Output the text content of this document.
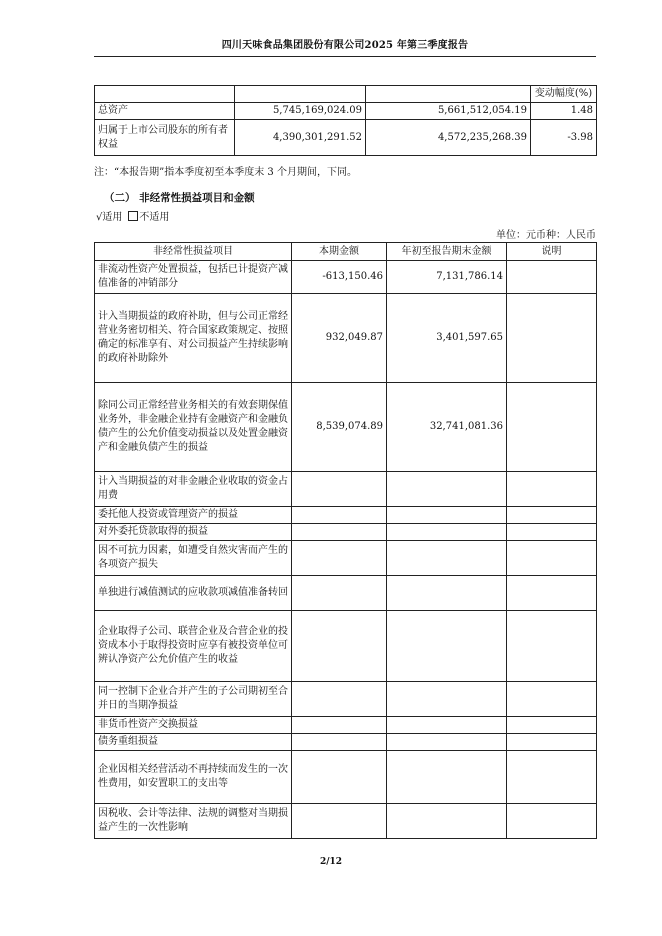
四川天味食品集团股份有限公司2025 年第三季度报告
			变动幅度(%)
总资产	5,745,169,024.09	5,661,512,054.19	1.48
归属于上市公司股东的所有者权益	4,390,301,291.52	4,572,235,268.39	-3.98
注：“本报告期”指本季度初至本季度末 3 个月期间，下同。
（二） 非经常性损益项目和金额
√适用 不适用
单位：元币种：人民币
非经常性损益项目	本期金额	年初至报告期末金额	说明
非流动性资产处置损益，包括已计提资产减值准备的冲销部分	-613,150.46	7,131,786.14	
计入当期损益的政府补助，但与公司正常经营业务密切相关、符合国家政策规定、按照确定的标准享有、对公司损益产生持续影响的政府补助除外	932,049.87	3,401,597.65	
除同公司正常经营业务相关的有效套期保值业务外，非金融企业持有金融资产和金融负债产生的公允价值变动损益以及处置金融资产和金融负债产生的损益	8,539,074.89	32,741,081.36	
计入当期损益的对非金融企业收取的资金占用费			
委托他人投资或管理资产的损益			
对外委托贷款取得的损益			
因不可抗力因素，如遭受自然灾害而产生的各项资产损失			
单独进行减值测试的应收款项减值准备转回			
企业取得子公司、联营企业及合营企业的投资成本小于取得投资时应享有被投资单位可辨认净资产公允价值产生的收益			
同一控制下企业合并产生的子公司期初至合并日的当期净损益			
非货币性资产交换损益			
债务重组损益			
企业因相关经营活动不再持续而发生的一次性费用，如安置职工的支出等			
因税收、会计等法律、法规的调整对当期损益产生的一次性影响			
2/12
